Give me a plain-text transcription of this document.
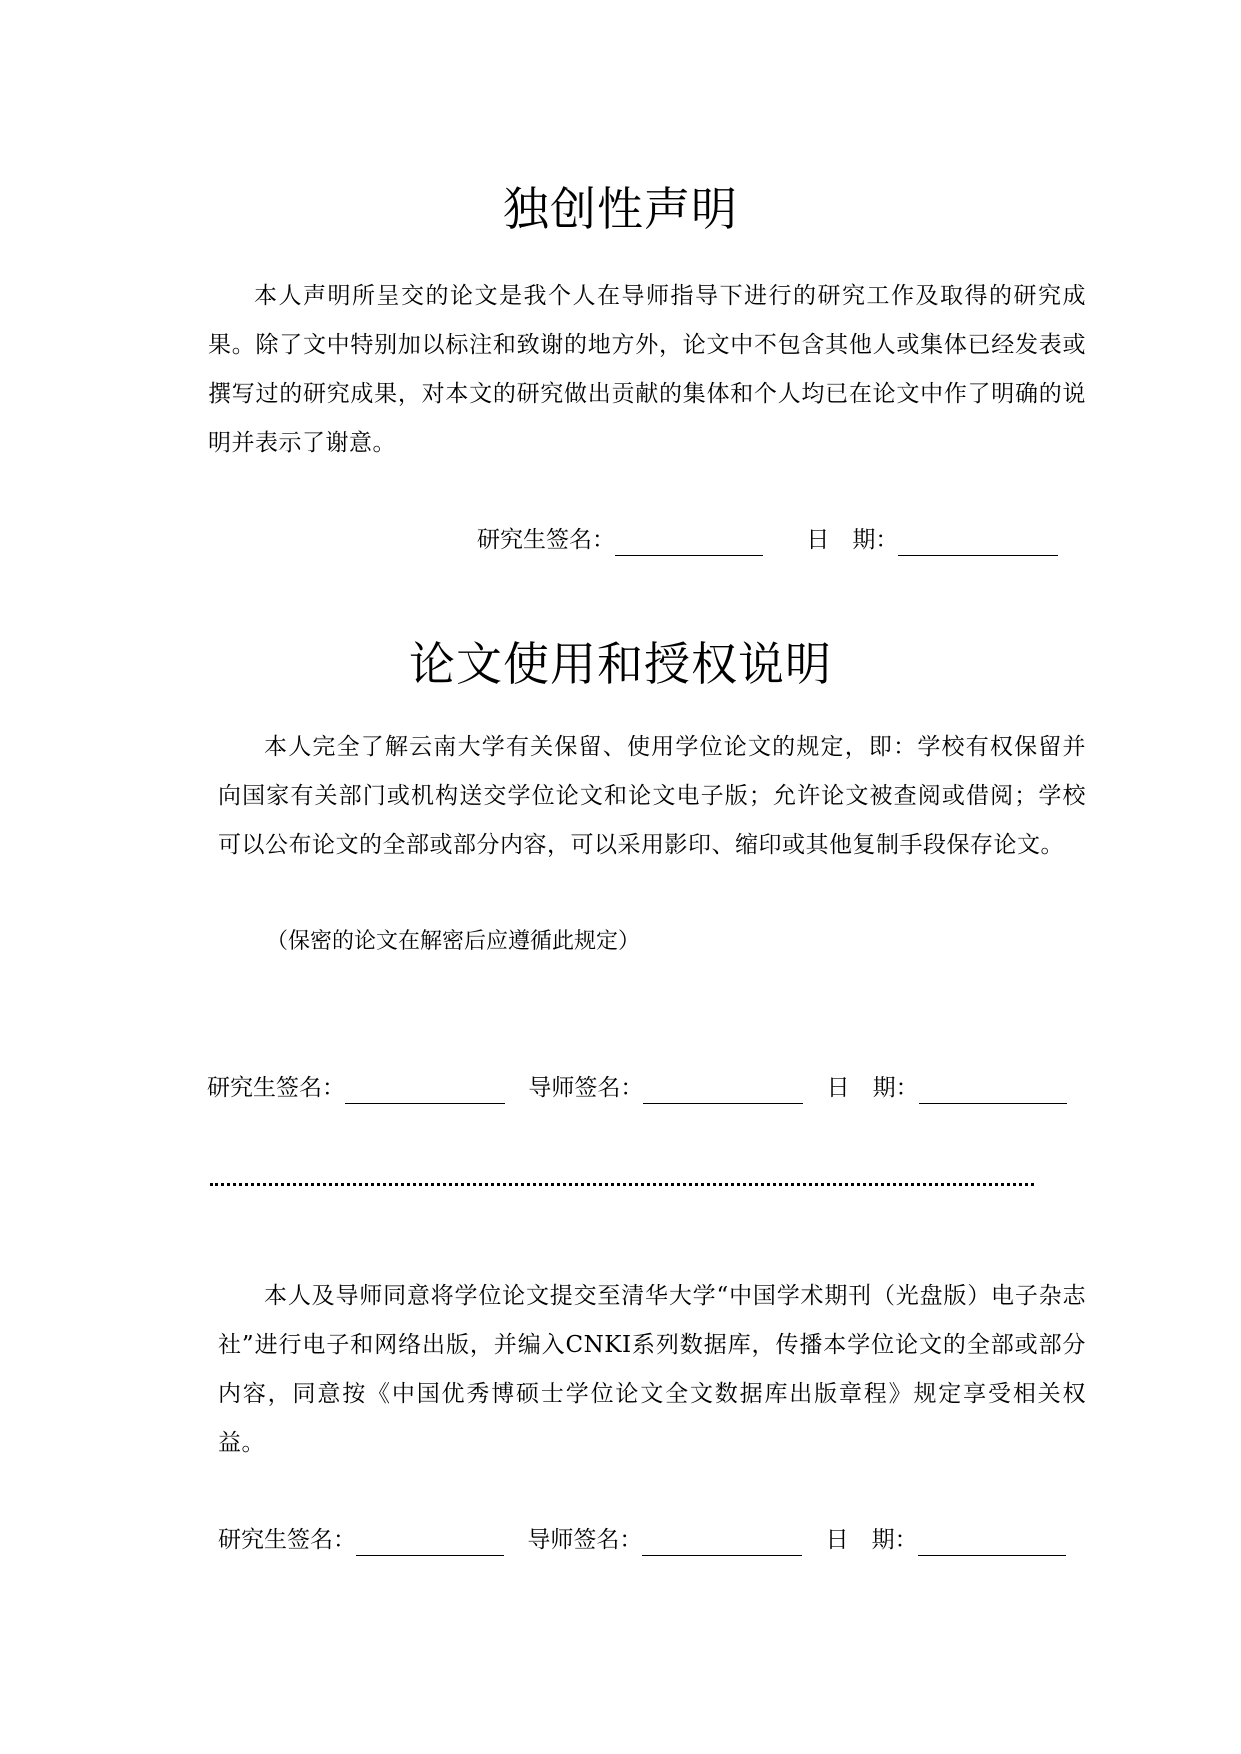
独创性声明

本人声明所呈交的论文是我个人在导师指导下进行的研究工作及取得的研究成果。除了文中特别加以标注和致谢的地方外，论文中不包含其他人或集体已经发表或撰写过的研究成果，对本文的研究做出贡献的集体和个人均已在论文中作了明确的说明并表示了谢意。

研究生签名：	日　期：
论文使用和授权说明

本人完全了解云南大学有关保留、使用学位论文的规定，即：学校有权保留并向国家有关部门或机构送交学位论文和论文电子版；允许论文被查阅或借阅；学校可以公布论文的全部或部分内容，可以采用影印、缩印或其他复制手段保存论文。

（保密的论文在解密后应遵循此规定）
研究生签名：	导师签名：	日　期：

本人及导师同意将学位论文提交至清华大学“中国学术期刊（光盘版）电子杂志社”进行电子和网络出版，并编入CNKI系列数据库，传播本学位论文的全部或部分内容，同意按《中国优秀博硕士学位论文全文数据库出版章程》规定享受相关权益。

研究生签名：	导师签名：	日　期：
